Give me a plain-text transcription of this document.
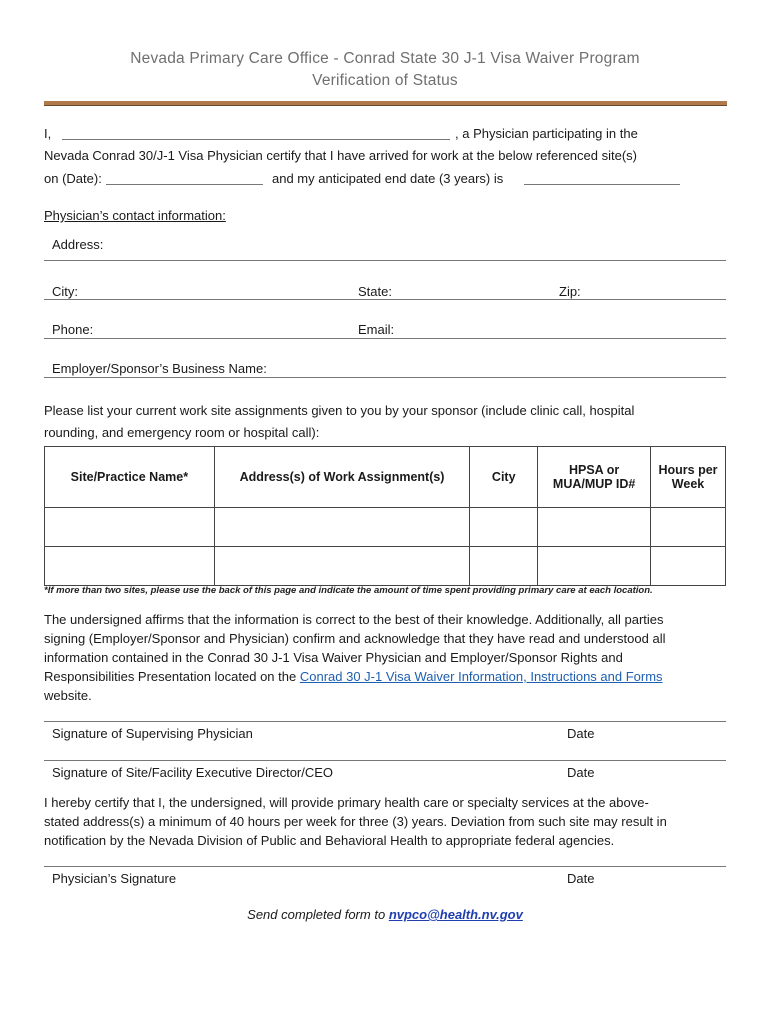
Nevada Primary Care Office - Conrad State 30 J-1 Visa Waiver Program
Verification of Status
I,	, a Physician participating in the
Nevada Conrad 30/J-1 Visa Physician certify that I have arrived for work at the below referenced site(s)
on (Date):	and my anticipated end date (3 years) is
Physician’s contact information:
Address:
City:	State:	Zip:
Phone:	Email:
Employer/Sponsor’s Business Name:
Please list your current work site assignments given to you by your sponsor (include clinic call, hospital
rounding, and emergency room or hospital call):
Site/Practice Name*	Address(s) of Work Assignment(s)	City	HPSA or MUA/MUP ID#	Hours per Week

*If more than two sites, please use the back of this page and indicate the amount of time spent providing primary care at each location.
The undersigned affirms that the information is correct to the best of their knowledge. Additionally, all parties
signing (Employer/Sponsor and Physician) confirm and acknowledge that they have read and understood all
information contained in the Conrad 30 J-1 Visa Waiver Physician and Employer/Sponsor Rights and
Responsibilities Presentation located on the Conrad 30 J-1 Visa Waiver Information, Instructions and Forms
website.
Signature of Supervising Physician	Date
Signature of Site/Facility Executive Director/CEO	Date
I hereby certify that I, the undersigned, will provide primary health care or specialty services at the above-
stated address(s) a minimum of 40 hours per week for three (3) years. Deviation from such site may result in
notification by the Nevada Division of Public and Behavioral Health to appropriate federal agencies.
Physician’s Signature	Date
Send completed form to nvpco@health.nv.gov
